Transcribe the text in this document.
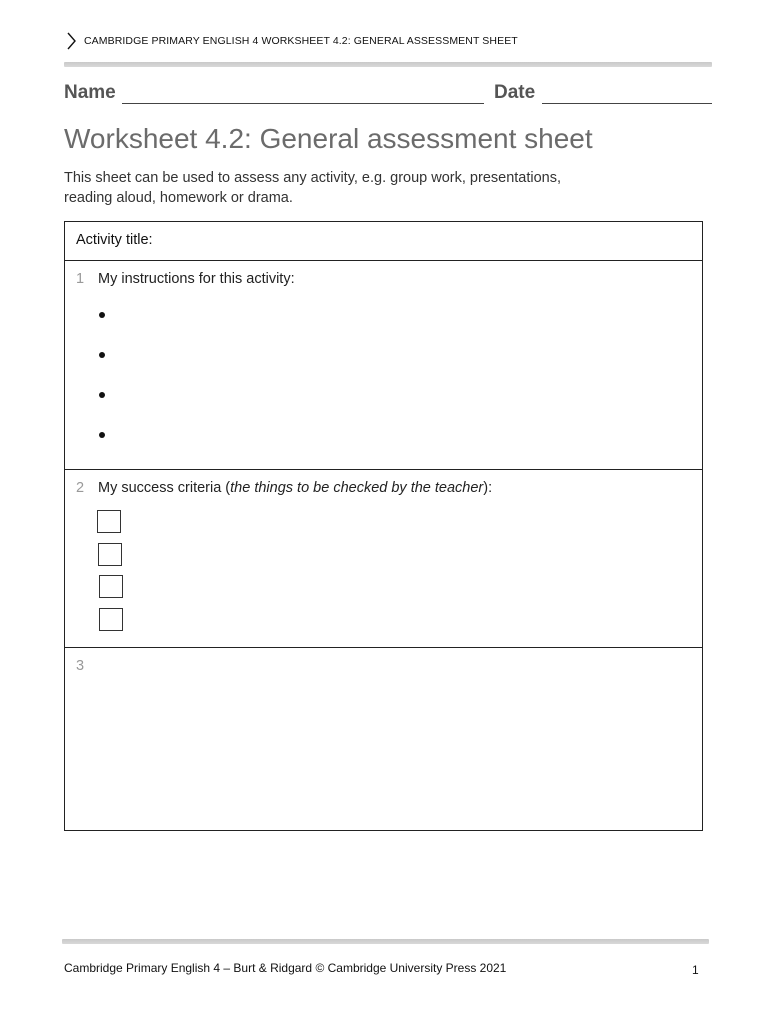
CAMBRIDGE PRIMARY ENGLISH 4 WORKSHEET 4.2: GENERAL ASSESSMENT SHEET
Name	Date
Worksheet 4.2: General assessment sheet
This sheet can be used to assess any activity, e.g. group work, presentations,
reading aloud, homework or drama.
Activity title:
1 My instructions for this activity:
2 My success criteria (the things to be checked by the teacher):
3
Cambridge Primary English 4 – Burt & Ridgard © Cambridge University Press 2021	1
